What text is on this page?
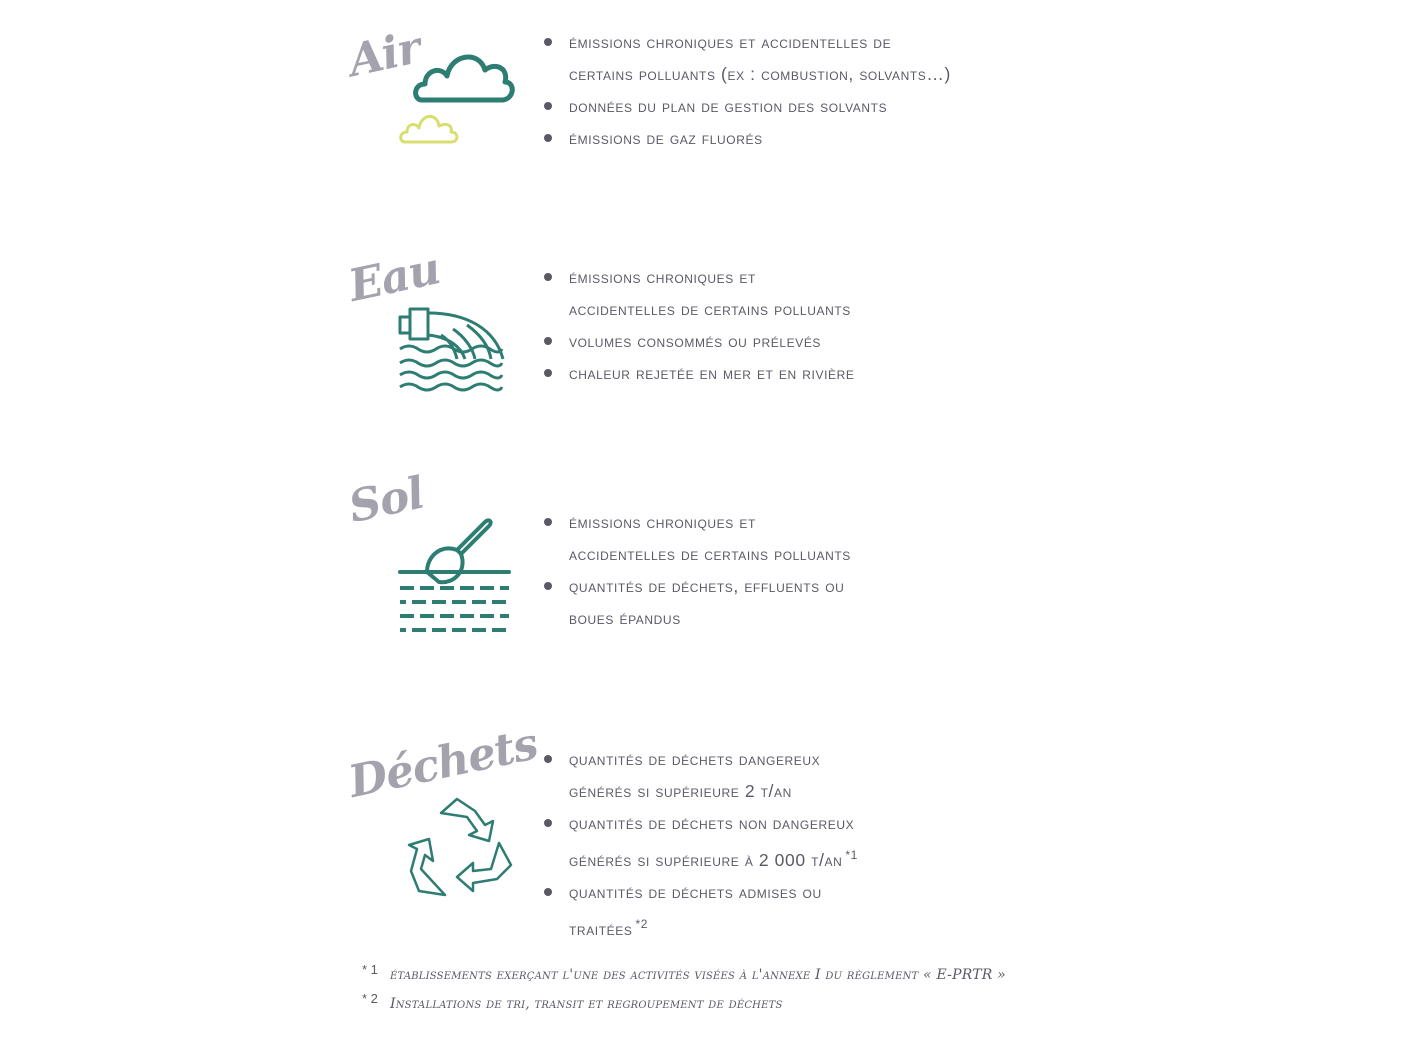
Air	émissions chroniques et accidentelles de
certains polluants (ex : combustion, solvants…)
données du plan de gestion des solvants
émissions de gaz fluorés
Eau	émissions chroniques et
accidentelles de certains polluants
volumes consommés ou prélevés
chaleur rejetée en mer et en rivière
Sol	émissions chroniques et
accidentelles de certains polluants
quantités de déchets, effluents ou
boues épandus
Déchets quantités de déchets dangereux
générés si supérieure 2 t/an
quantités de déchets non dangereux
générés si supérieure à 2 000 t/an $^{*1}$
quantités de déchets admises ou
traitées $^{*2}$
* 1 établissements exerçant l'une des activités visées à l'annexe I du règlement « E-PRTR »
* 2 Installations de tri, transit et regroupement de déchets
